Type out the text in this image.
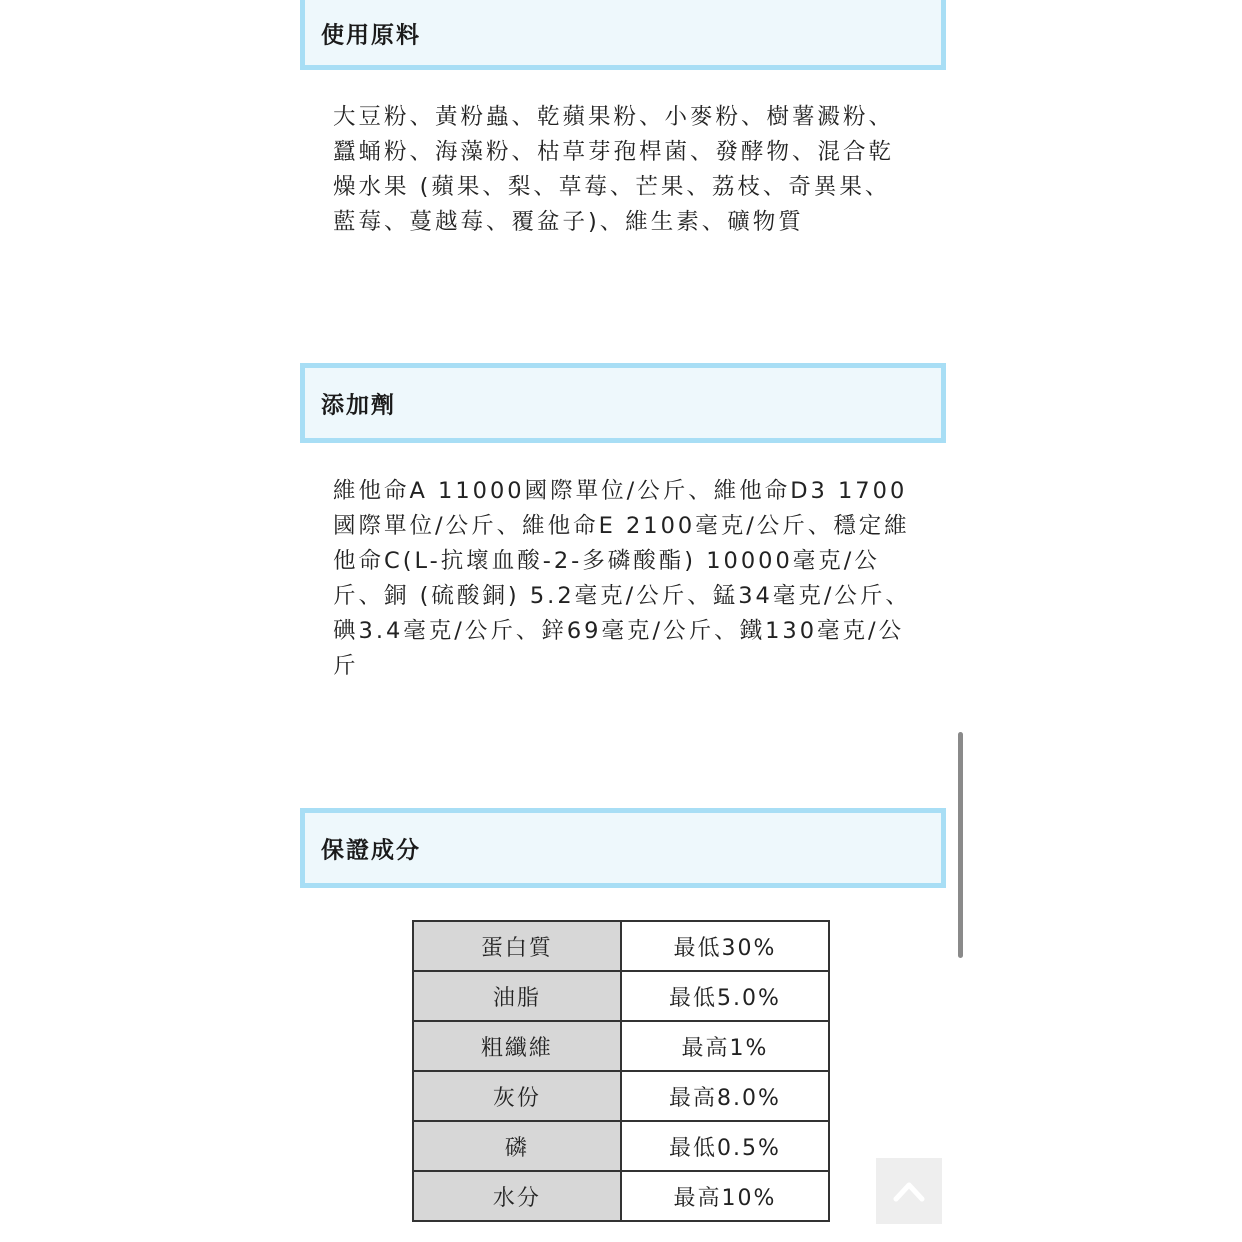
使用原料
大豆粉、黃粉蟲、乾蘋果粉、小麥粉、樹薯澱粉、
蠶蛹粉、海藻粉、枯草芽孢桿菌、發酵物、混合乾
燥水果 (蘋果、梨、草莓、芒果、荔枝、奇異果、
藍莓、蔓越莓、覆盆子)、維生素、礦物質
添加劑
維他命A 11000國際單位/公斤、維他命D3 1700
國際單位/公斤、維他命E 2100毫克/公斤、穩定維
他命C(L-抗壞血酸-2-多磷酸酯) 10000毫克/公
斤、銅 (硫酸銅) 5.2毫克/公斤、錳34毫克/公斤、
碘3.4毫克/公斤、鋅69毫克/公斤、鐵130毫克/公
斤
保證成分
蛋白質	最低30%
油脂	最低5.0%
粗纖維	最高1%
灰份	最高8.0%
磷	最低0.5%
水分	最高10%
